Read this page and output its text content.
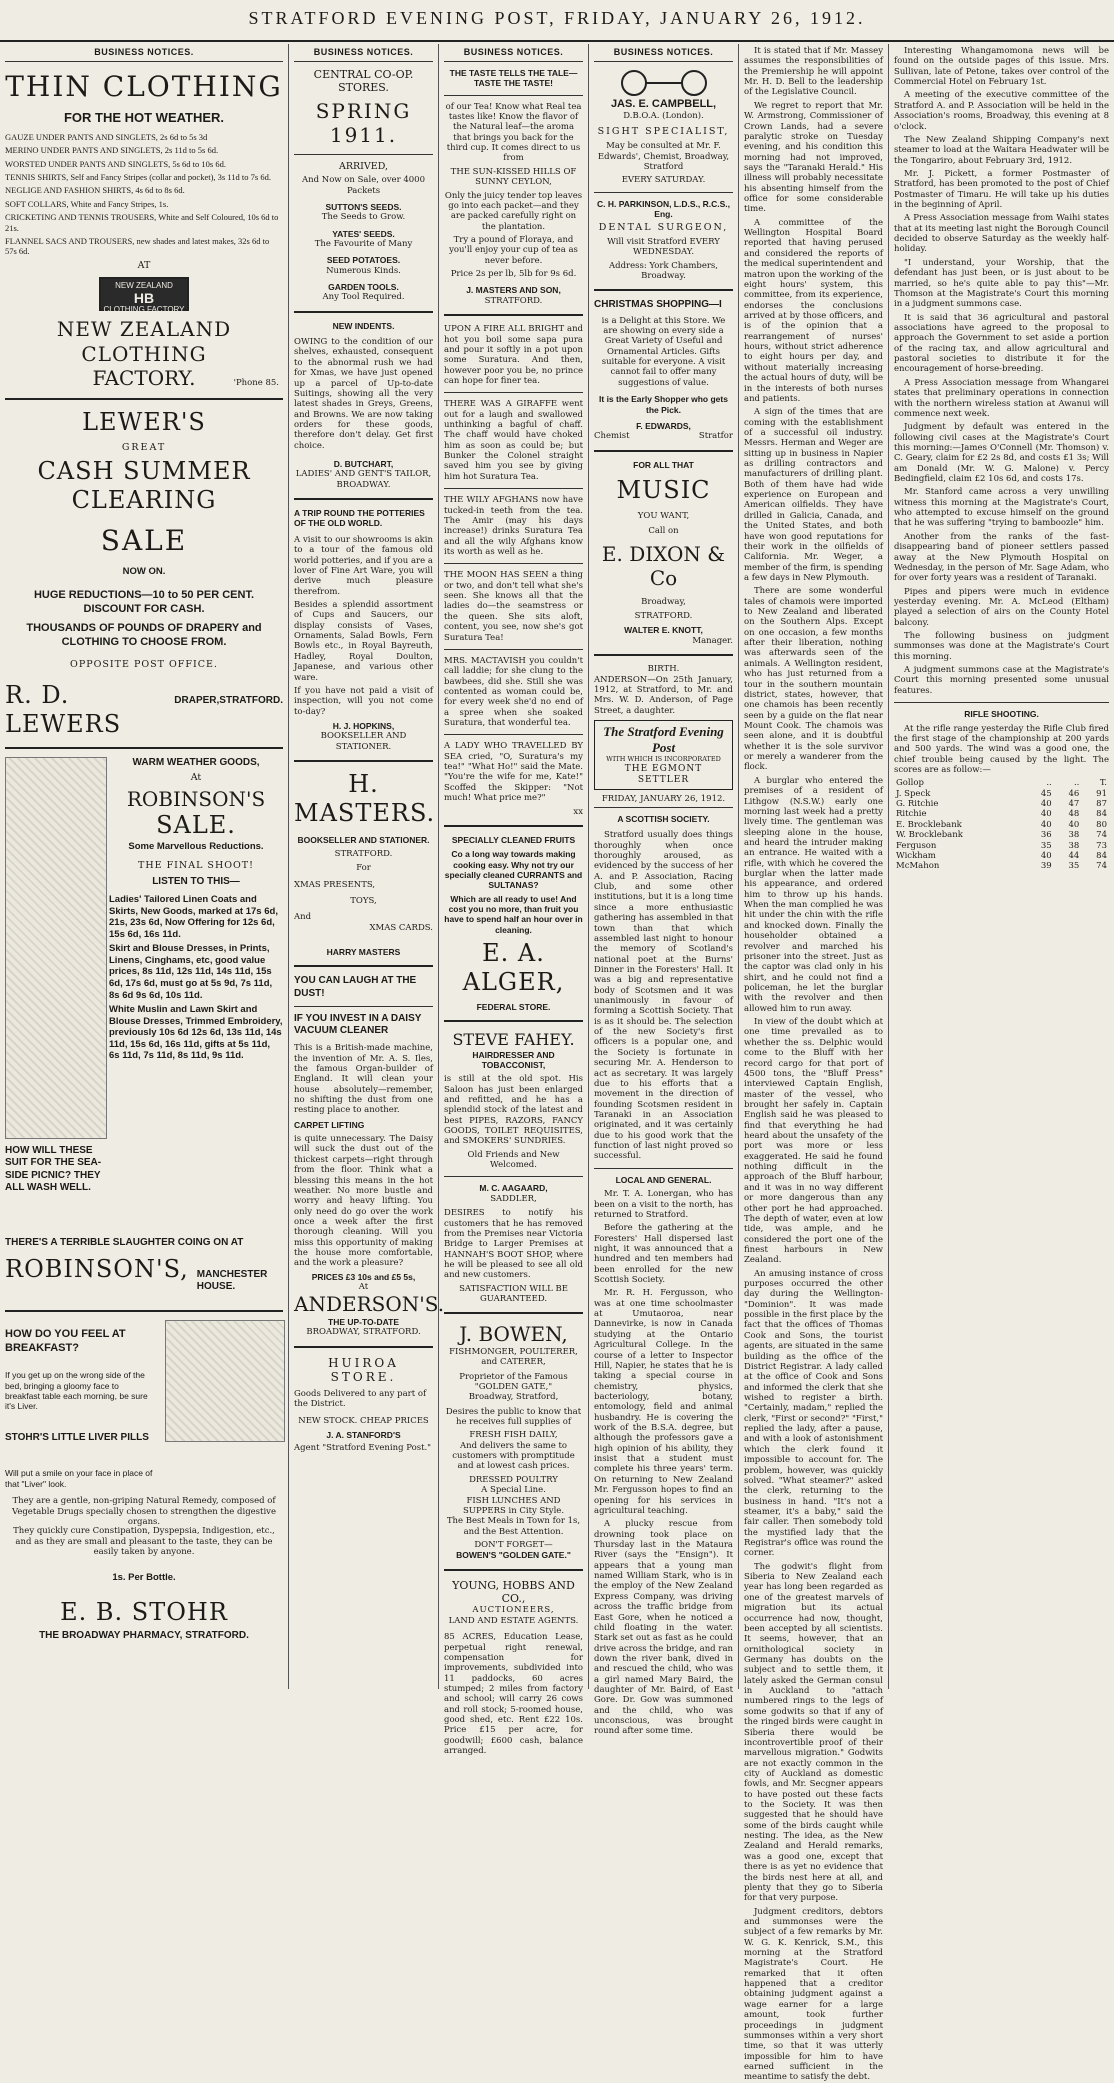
STRATFORD EVENING POST, FRIDAY, JANUARY 26, 1912.
BUSINESS NOTICES.
THIN CLOTHING
FOR THE HOT WEATHER.

GAUZE UNDER PANTS AND SINGLETS, 2s 6d to 5s 3d

MERINO UNDER PANTS AND SINGLETS, 2s 11d to 5s 6d.

WORSTED UNDER PANTS AND SINGLETS, 5s 6d to 10s 6d.

TENNIS SHIRTS, Self and Fancy Stripes (collar and pocket), 3s 11d to 7s 6d.

NEGLIGE AND FASHION SHIRTS, 4s 6d to 8s 6d.

SOFT COLLARS, White and Fancy Stripes, 1s.

CRICKETING AND TENNIS TROUSERS, White and Self Coloured, 10s 6d to 21s.

FLANNEL SACS AND TROUSERS, new shades and latest makes, 32s 6d to 57s 6d.

AT
NEW ZEALAND
HB
CLOTHING FACTORY
NEW ZEALAND CLOTHING
FACTORY.	'Phone 85.
LEWER'S
GREAT
CASH SUMMER CLEARING
SALE
NOW ON.
HUGE REDUCTIONS—10 to 50 PER CENT. DISCOUNT FOR CASH.
THOUSANDS OF POUNDS OF DRAPERY and CLOTHING TO CHOOSE FROM.
OPPOSITE POST OFFICE.
R. D. LEWERS
DRAPER, STRATFORD.
WARM WEATHER GOODS,
At
ROBINSON'S
SALE.
Some Marvellous Reductions.
THE FINAL SHOOT!
LISTEN TO THIS—

Ladies' Tailored Linen Coats and Skirts, New Goods, marked at 17s 6d, 21s, 23s 6d, Now Offering for 12s 6d, 15s 6d, 16s 11d.

Skirt and Blouse Dresses, in Prints, Linens, Cinghams, etc, good value prices, 8s 11d, 12s 11d, 14s 11d, 15s 6d, 17s 6d, must go at 5s 9d, 7s 11d, 8s 6d 9s 6d, 10s 11d.

White Muslin and Lawn Skirt and Blouse Dresses, Trimmed Embroidery, previously 10s 6d 12s 6d, 13s 11d, 14s 11d, 15s 6d, 16s 11d, gifts at 5s 11d, 6s 11d, 7s 11d, 8s 11d, 9s 11d.

HOW WILL THESE SUIT FOR THE SEA-SIDE PICNIC? THEY ALL WASH WELL.
THERE'S A TERRIBLE SLAUGHTER COING ON AT
ROBINSON'S, MANCHESTER HOUSE.
HOW DO YOU FEEL AT BREAKFAST?
If you get up on the wrong side of the bed, bringing a gloomy face to breakfast table each morning, be sure it's Liver.
STOHR'S LITTLE LIVER PILLS
Will put a smile on your face in place of that "Liver" look.
They are a gentle, non-griping Natural Remedy, composed of Vegetable Drugs specially chosen to strengthen the digestive organs.
They quickly cure Constipation, Dyspepsia, Indigestion, etc., and as they are small and pleasant to the taste, they can be easily taken by anyone.
1s. Per Bottle.
E. B. STOHR
THE BROADWAY PHARMACY, STRATFORD.
BUSINESS NOTICES.
CENTRAL CO-OP. STORES.
SPRING 1911.
ARRIVED,
And Now on Sale, over 4000 Packets
SUTTON'S SEEDS.
The Seeds to Grow.
YATES' SEEDS.
The Favourite of Many
SEED POTATOES.
Numerous Kinds.
GARDEN TOOLS.
Any Tool Required.
NEW INDENTS.

OWING to the condition of our shelves, exhausted, consequent to the abnormal rush we had for Xmas, we have just opened up a parcel of Up-to-date Suitings, showing all the very latest shades in Greys, Greens, and Browns. We are now taking orders for these goods, therefore don't delay. Get first choice.

D. BUTCHART,
LADIES' AND GENT'S TAILOR,
BROADWAY.
A TRIP ROUND THE POTTERIES OF THE OLD WORLD.

A visit to our showrooms is akin to a tour of the famous old world potteries, and if you are a lover of Fine Art Ware, you will derive much pleasure therefrom.

Besides a splendid assortment of Cups and Saucers, our display consists of Vases, Ornaments, Salad Bowls, Fern Bowls etc., in Royal Bayreuth, Hadley, Royal Doulton, Japanese, and various other ware.

If you have not paid a visit of inspection, will you not come to-day?

H. J. HOPKINS,
BOOKSELLER AND STATIONER.
H. MASTERS.
BOOKSELLER AND STATIONER.
STRATFORD.
For
XMAS PRESENTS,
TOYS,
And
XMAS CARDS.
HARRY MASTERS
YOU CAN LAUGH AT THE DUST!
IF YOU INVEST IN A DAISY VACUUM CLEANER

This is a British-made machine, the invention of Mr. A. S. Iles, the famous Organ-builder of England. It will clean your house absolutely—remember, no shifting the dust from one resting place to another.

CARPET LIFTING

is quite unnecessary. The Daisy will suck the dust out of the thickest carpets—right through from the floor. Think what a blessing this means in the hot weather. No more bustle and worry and heavy lifting. You only need do go over the work once a week after the first thorough cleaning. Will you miss this opportunity of making the house more comfortable, and the work a pleasure?

PRICES £3 10s and £5 5s,
At
ANDERSON'S.
THE UP-TO-DATE
BROADWAY, STRATFORD.
HUIROA STORE.
Goods Delivered to any part of the District.
NEW STOCK. CHEAP PRICES
J. A. STANFORD'S
Agent "Stratford Evening Post."
BUSINESS NOTICES.
THE TASTE TELLS THE TALE— TASTE THE TASTE!

of our Tea! Know what Real tea tastes like! Know the flavor of the Natural leaf—the aroma that brings you back for the third cup. It comes direct to us from

THE SUN-KISSED HILLS OF SUNNY CEYLON,

Only the juicy tender top leaves go into each packet—and they are packed carefully right on the plantation.

Try a pound of Floraya, and you'll enjoy your cup of tea as never before.

Price 2s per lb, 5lb for 9s 6d.
J. MASTERS AND SON,
STRATFORD.

UPON A FIRE ALL BRIGHT and hot you boil some sapa pura and pour it softly in a pot upon some Suratura. And then, however poor you be, no prince can hope for finer tea.

THERE WAS A GIRAFFE went out for a laugh and swallowed unthinking a bagful of chaff. The chaff would have choked him as soon as could be; but Bunker the Colonel straight saved him you see by giving him hot Suratura Tea.

THE WILY AFGHANS now have tucked-in teeth from the tea. The Amir (may his days increase!) drinks Suratura Tea and all the wily Afghans know its worth as well as he.

THE MOON HAS SEEN a thing or two, and don't tell what she's seen. She knows all that the ladies do—the seamstress or the queen. She sits aloft, content, you see, now she's got Suratura Tea!

MRS. MACTAVISH you couldn't call laddie; for she clung to the bawbees, did she. Still she was contented as woman could be, for every week she'd no end of a spree when she soaked Suratura, that wonderful tea.

A LADY WHO TRAVELLED BY SEA cried, "O, Suratura's my tea!" "What Ho!" said the Mate. "You're the wife for me, Kate!" Scoffed the Skipper: "Not much! What price me?"

xx
SPECIALLY CLEANED FRUITS

Co a long way towards making cooking easy. Why not try our specially cleaned CURRANTS and SULTANAS?

Which are all ready to use! And cost you no more, than fruit you have to spend half an hour over in cleaning.

E. A. ALGER,
FEDERAL STORE.
STEVE FAHEY.
HAIRDRESSER AND TOBACCONIST,

is still at the old spot. His Saloon has just been enlarged and refitted, and he has a splendid stock of the latest and best PIPES, RAZORS, FANCY GOODS, TOILET REQUISITES, and SMOKERS' SUNDRIES.

Old Friends and New Welcomed.
M. C. AAGAARD,
SADDLER,

DESIRES to notify his customers that he has removed from the Premises near Victoria Bridge to Larger Premises at HANNAH'S BOOT SHOP, where he will be pleased to see all old and new customers.

SATISFACTION WILL BE GUARANTEED.
J. BOWEN,
FISHMONGER, POULTERER, and CATERER,
Proprietor of the Famous
"GOLDEN GATE,"
Broadway, Stratford,

Desires the public to know that he receives full supplies of

FRESH FISH DAILY,

And delivers the same to customers with promptitude and at lowest cash prices.

DRESSED POULTRY
A Special Line.
FISH LUNCHES AND SUPPERS in City Style.
The Best Meals in Town for 1s, and the Best Attention.
DON'T FORGET—
BOWEN'S "GOLDEN GATE."
YOUNG, HOBBS AND CO.,
AUCTIONEERS,
LAND AND ESTATE AGENTS.

85 ACRES, Education Lease, perpetual right renewal, compensation for improvements, subdivided into 11 paddocks, 60 acres stumped; 2 miles from factory and school; will carry 26 cows and roll stock; 5-roomed house, good shed, etc. Rent £22 10s. Price £15 per acre, for goodwill; £600 cash, balance arranged.

BUSINESS NOTICES.
JAS. E. CAMPBELL,
D.B.O.A. (London).
SIGHT SPECIALIST,

May be consulted at Mr. F. Edwards', Chemist, Broadway, Stratford

EVERY SATURDAY.
C. H. PARKINSON, L.D.S., R.C.S., Eng.
DENTAL SURGEON,

Will visit Stratford EVERY WEDNESDAY.

Address: York Chambers, Broadway.
CHRISTMAS SHOPPING—I

is a Delight at this Store. We are showing on every side a Great Variety of Useful and Ornamental Articles. Gifts suitable for everyone. A visit cannot fail to offer many suggestions of value.

It is the Early Shopper who gets the Pick.
F. EDWARDS,
Chemist	Stratfor
FOR ALL THAT
MUSIC
YOU WANT,
Call on
E. DIXON & Co
Broadway,
STRATFORD.
WALTER E. KNOTT,
Manager.
BIRTH.

ANDERSON—On 25th January, 1912, at Stratford, to Mr. and Mrs. W. D. Anderson, of Page Street, a daughter.

The Stratford Evening Post
WITH WHICH IS INCORPORATED
THE EGMONT SETTLER
FRIDAY, JANUARY 26, 1912.
A SCOTTISH SOCIETY.

Stratford usually does things thoroughly when once thoroughly aroused, as evidenced by the success of her A. and P. Association, Racing Club, and some other institutions, but it is a long time since a more enthusiastic gathering has assembled in that town than that which assembled last night to honour the memory of Scotland's national poet at the Burns' Dinner in the Foresters' Hall. It was a big and representative body of Scotsmen and it was unanimously in favour of forming a Scottish Society. That is as it should be. The selection of the new Society's first officers is a popular one, and the Society is fortunate in securing Mr. A. Henderson to act as secretary. It was largely due to his efforts that a movement in the direction of founding Scotsmen resident in Taranaki in an Association originated, and it was certainly due to his good work that the function of last night proved so successful.

LOCAL AND GENERAL.

Mr. T. A. Lonergan, who has been on a visit to the north, has returned to Stratford.

Before the gathering at the Foresters' Hall dispersed last night, it was announced that a hundred and ten members had been enrolled for the new Scottish Society.

Mr. R. H. Fergusson, who was at one time schoolmaster at Umutaoroa, near Dannevirke, is now in Canada studying at the Ontario Agricultural College. In the course of a letter to Inspector Hill, Napier, he states that he is taking a special course in chemistry, physics, bacteriology, botany, entomology, field and animal husbandry. He is covering the work of the B.S.A. degree, but although the professors gave a high opinion of his ability, they insist that a student must complete his three years' term. On returning to New Zealand Mr. Fergusson hopes to find an opening for his services in agricultural teaching.

A plucky rescue from drowning took place on Thursday last in the Mataura River (says the "Ensign"). It appears that a young man named William Stark, who is in the employ of the New Zealand Express Company, was driving across the traffic bridge from East Gore, when he noticed a child floating in the water. Stark set out as fast as he could drive across the bridge, and ran down the river bank, dived in and rescued the child, who was a girl named Mary Baird, the daughter of Mr. Baird, of East Gore. Dr. Gow was summoned and the child, who was unconscious, was brought round after some time.

It is stated that if Mr. Massey assumes the responsibilities of the Premiership he will appoint Mr. H. D. Bell to the leadership of the Legislative Council.

We regret to report that Mr. W. Armstrong, Commissioner of Crown Lands, had a severe paralytic stroke on Tuesday evening, and his condition this morning had not improved, says the "Taranaki Herald." His illness will probably necessitate his absenting himself from the office for some considerable time.

A committee of the Wellington Hospital Board reported that having perused and considered the reports of the medical superintendent and matron upon the working of the eight hours' system, this committee, from its experience, endorses the conclusions arrived at by those officers, and is of the opinion that a rearrangement of nurses' hours, without strict adherence to eight hours per day, and without materially increasing the actual hours of duty, will be in the interests of both nurses and patients.

A sign of the times that are coming with the establishment of a successful oil industry. Messrs. Herman and Weger are sitting up in business in Napier as drilling contractors and manufacturers of drilling plant. Both of them have had wide experience on European and American oilfields. They have drilled in Galicia, Canada, and the United States, and both have won good reputations for their work in the oilfields of California. Mr. Weger, a member of the firm, is spending a few days in New Plymouth.

There are some wonderful tales of chamois were imported to New Zealand and liberated on the Southern Alps. Except on one occasion, a few months after their liberation, nothing was afterwards seen of the animals. A Wellington resident, who has just returned from a tour in the southern mountain district, states, however, that one chamois has been recently seen by a guide on the flat near Mount Cook. The chamois was seen alone, and it is doubtful whether it is the sole survivor or merely a wanderer from the flock.

A burglar who entered the premises of a resident of Lithgow (N.S.W.) early one morning last week had a pretty lively time. The gentleman was sleeping alone in the house, and heard the intruder making an entrance. He waited with a rifle, with which he covered the burglar when the latter made his appearance, and ordered him to throw up his hands. When the man complied he was hit under the chin with the rifle and knocked down. Finally the householder obtained a revolver and marched his prisoner into the street. Just as the captor was clad only in his shirt, and he could not find a policeman, he let the burglar with the revolver and then allowed him to run away.

In view of the doubt which at one time prevailed as to whether the ss. Delphic would come to the Bluff with her record cargo for that port of 4500 tons, the "Bluff Press" interviewed Captain English, master of the vessel, who brought her safely in. Captain English said he was pleased to find that everything he had heard about the unsafety of the port was more or less exaggerated. He said he found nothing difficult in the approach of the Bluff harbour, and it was in no way different or more dangerous than any other port he had approached. The depth of water, even at low tide, was ample, and he considered the port one of the finest harbours in New Zealand.

An amusing instance of cross purposes occurred the other day during the Wellington-"Dominion". It was made possible in the first place by the fact that the offices of Thomas Cook and Sons, the tourist agents, are situated in the same building as the office of the District Registrar. A lady called at the office of Cook and Sons and informed the clerk that she wished to register a birth. "Certainly, madam," replied the clerk, "First or second?" "First," replied the lady, after a pause, and with a look of astonishment which the clerk found it impossible to account for. The problem, however, was quickly solved. "What steamer?" asked the clerk, returning to the business in hand. "It's not a steamer, it's a baby," said the fair caller. Then somebody told the mystified lady that the Registrar's office was round the corner.

The godwit's flight from Siberia to New Zealand each year has long been regarded as one of the greatest marvels of migration but its actual occurrence had now, thought, been accepted by all scientists. It seems, however, that an ornithological society in Germany has doubts on the subject and to settle them, it lately asked the German consul in Auckland to "attach numbered rings to the legs of some godwits so that if any of the ringed birds were caught in Siberia there would be incontrovertible proof of their marvellous migration." Godwits are not exactly common in the city of Auckland as domestic fowls, and Mr. Secgner appears to have posted out these facts to the Society. It was then suggested that he should have some of the birds caught while nesting. The idea, as the New Zealand and Herald remarks, was a good one, except that there is as yet no evidence that the birds nest here at all, and plenty that they go to Siberia for that very purpose.

Judgment creditors, debtors and summonses were the subject of a few remarks by Mr. W. G. K. Kenrick, S.M., this morning at the Stratford Magistrate's Court. He remarked that it often happened that a creditor obtaining judgment against a wage earner for a large amount, took further proceedings in judgment summonses within a very short time, so that it was utterly impossible for him to have earned sufficient in the meantime to satisfy the debt.

Interesting Whangamomona news will be found on the outside pages of this issue. Mrs. Sullivan, late of Petone, takes over control of the Commercial Hotel on February 1st.

A meeting of the executive committee of the Stratford A. and P. Association will be held in the Association's rooms, Broadway, this evening at 8 o'clock.

The New Zealand Shipping Company's next steamer to load at the Waitara Headwater will be the Tongariro, about February 3rd, 1912.

Mr. J. Pickett, a former Postmaster of Stratford, has been promoted to the post of Chief Postmaster of Timaru. He will take up his duties in the beginning of April.

A Press Association message from Waihi states that at its meeting last night the Borough Council decided to observe Saturday as the weekly half-holiday.

"I understand, your Worship, that the defendant has just been, or is just about to be married, so he's quite able to pay this"—Mr. Thomson at the Magistrate's Court this morning in a judgment summons case.

It is said that 36 agricultural and pastoral associations have agreed to the proposal to approach the Government to set aside a portion of the racing tax, and allow agricultural and pastoral societies to distribute it for the encouragement of horse-breeding.

A Press Association message from Whangarei states that preliminary operations in connection with the northern wireless station at Awanui will commence next week.

Judgment by default was entered in the following civil cases at the Magistrate's Court this morning:—James O'Connell (Mr. Thomson) v. C. Geary, claim for £2 2s 8d, and costs £1 3s; Will am Donald (Mr. W. G. Malone) v. Percy Bedingfield, claim £2 10s 6d, and costs 17s.

Mr. Stanford came across a very unwilling witness this morning at the Magistrate's Court, who attempted to excuse himself on the ground that he was suffering "trying to bamboozle" him.

Another from the ranks of the fast-disappearing band of pioneer settlers passed away at the New Plymouth Hospital on Wednesday, in the person of Mr. Sage Adam, who for over forty years was a resident of Taranaki.

Pipes and pipers were much in evidence yesterday evening. Mr. A. McLeod (Eltham) played a selection of airs on the County Hotel balcony.

The following business on judgment summonses was done at the Magistrate's Court this morning.

A judgment summons case at the Magistrate's Court this morning presented some unusual features.

RIFLE SHOOTING.

At the rifle range yesterday the Rifle Club fired the first stage of the championship at 200 yards and 500 yards. The wind was a good one, the chief trouble being caused by the light. The scores are as follow:—

Gollop	..	..	T.
J. Speck	45	46	91
G. Ritchie	40	47	87
Ritchie	40	48	84
E. Brocklebank	40	40	80
W. Brocklebank	36	38	74
Ferguson	35	38	73
Wickham	40	44	84
McMahon	39	35	74
